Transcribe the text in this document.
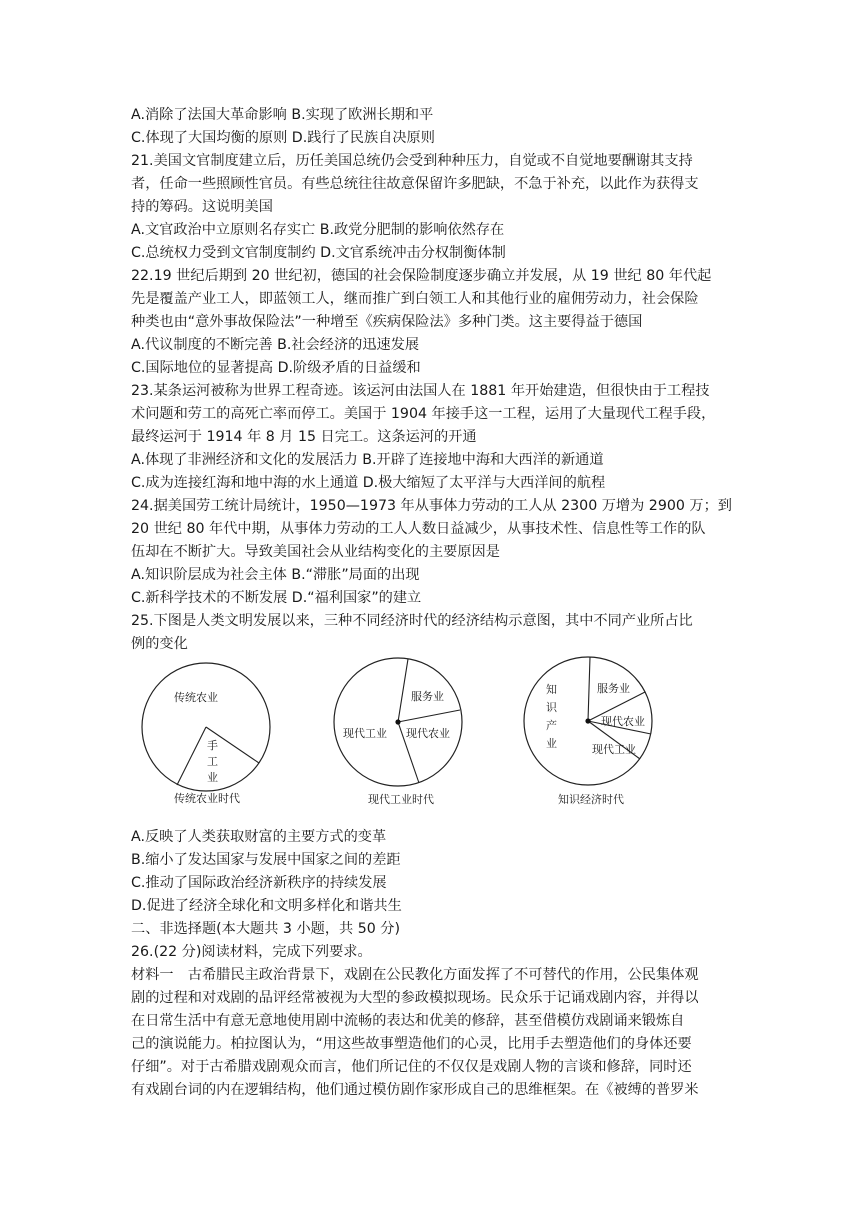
A.消除了法国大革命影响 B.实现了欧洲长期和平
C.体现了大国均衡的原则 D.践行了民族自决原则
21.美国文官制度建立后，历任美国总统仍会受到种种压力，自觉或不自觉地要酬谢其支持
者，任命一些照顾性官员。有些总统往往故意保留许多肥缺，不急于补充，以此作为获得支
持的筹码。这说明美国
A.文官政治中立原则名存实亡 B.政党分肥制的影响依然存在
C.总统权力受到文官制度制约 D.文官系统冲击分权制衡体制
22.19 世纪后期到 20 世纪初，德国的社会保险制度逐步确立并发展，从 19 世纪 80 年代起
先是覆盖产业工人，即蓝领工人，继而推广到白领工人和其他行业的雇佣劳动力，社会保险
种类也由“意外事故保险法”一种增至《疾病保险法》多种门类。这主要得益于德国
A.代议制度的不断完善 B.社会经济的迅速发展
C.国际地位的显著提高 D.阶级矛盾的日益缓和
23.某条运河被称为世界工程奇迹。该运河由法国人在 1881 年开始建造，但很快由于工程技
术问题和劳工的高死亡率而停工。美国于 1904 年接手这一工程，运用了大量现代工程手段，
最终运河于 1914 年 8 月 15 日完工。这条运河的开通
A.体现了非洲经济和文化的发展活力 B.开辟了连接地中海和大西洋的新通道
C.成为连接红海和地中海的水上通道 D.极大缩短了太平洋与大西洋间的航程
24.据美国劳工统计局统计，1950—1973 年从事体力劳动的工人从 2300 万增为 2900 万；到
20 世纪 80 年代中期，从事体力劳动的工人人数日益减少，从事技术性、信息性等工作的队
伍却在不断扩大。导致美国社会从业结构变化的主要原因是
A.知识阶层成为社会主体 B.“滞胀”局面的出现
C.新科学技术的不断发展 D.“福利国家”的建立
25.下图是人类文明发展以来，三种不同经济时代的经济结构示意图，其中不同产业所占比
例的变化
传统农业
手
工
业
传统农业时代
服务业
现代工业 现代农业
现代工业时代
知
识
产
业
服务业
现代农业
现代工业
知识经济时代
A.反映了人类获取财富的主要方式的变革
B.缩小了发达国家与发展中国家之间的差距
C.推动了国际政治经济新秩序的持续发展
D.促进了经济全球化和文明多样化和谐共生
二、非选择题(本大题共 3 小题，共 50 分)
26.(22 分)阅读材料，完成下列要求。
材料一　古希腊民主政治背景下，戏剧在公民教化方面发挥了不可替代的作用，公民集体观
剧的过程和对戏剧的品评经常被视为大型的参政模拟现场。民众乐于记诵戏剧内容，并得以
在日常生活中有意无意地使用剧中流畅的表达和优美的修辞，甚至借模仿戏剧诵来锻炼自
己的演说能力。柏拉图认为，“用这些故事塑造他们的心灵，比用手去塑造他们的身体还要
仔细”。对于古希腊戏剧观众而言，他们所记住的不仅仅是戏剧人物的言谈和修辞，同时还
有戏剧台词的内在逻辑结构，他们通过模仿剧作家形成自己的思维框架。在《被缚的普罗米
